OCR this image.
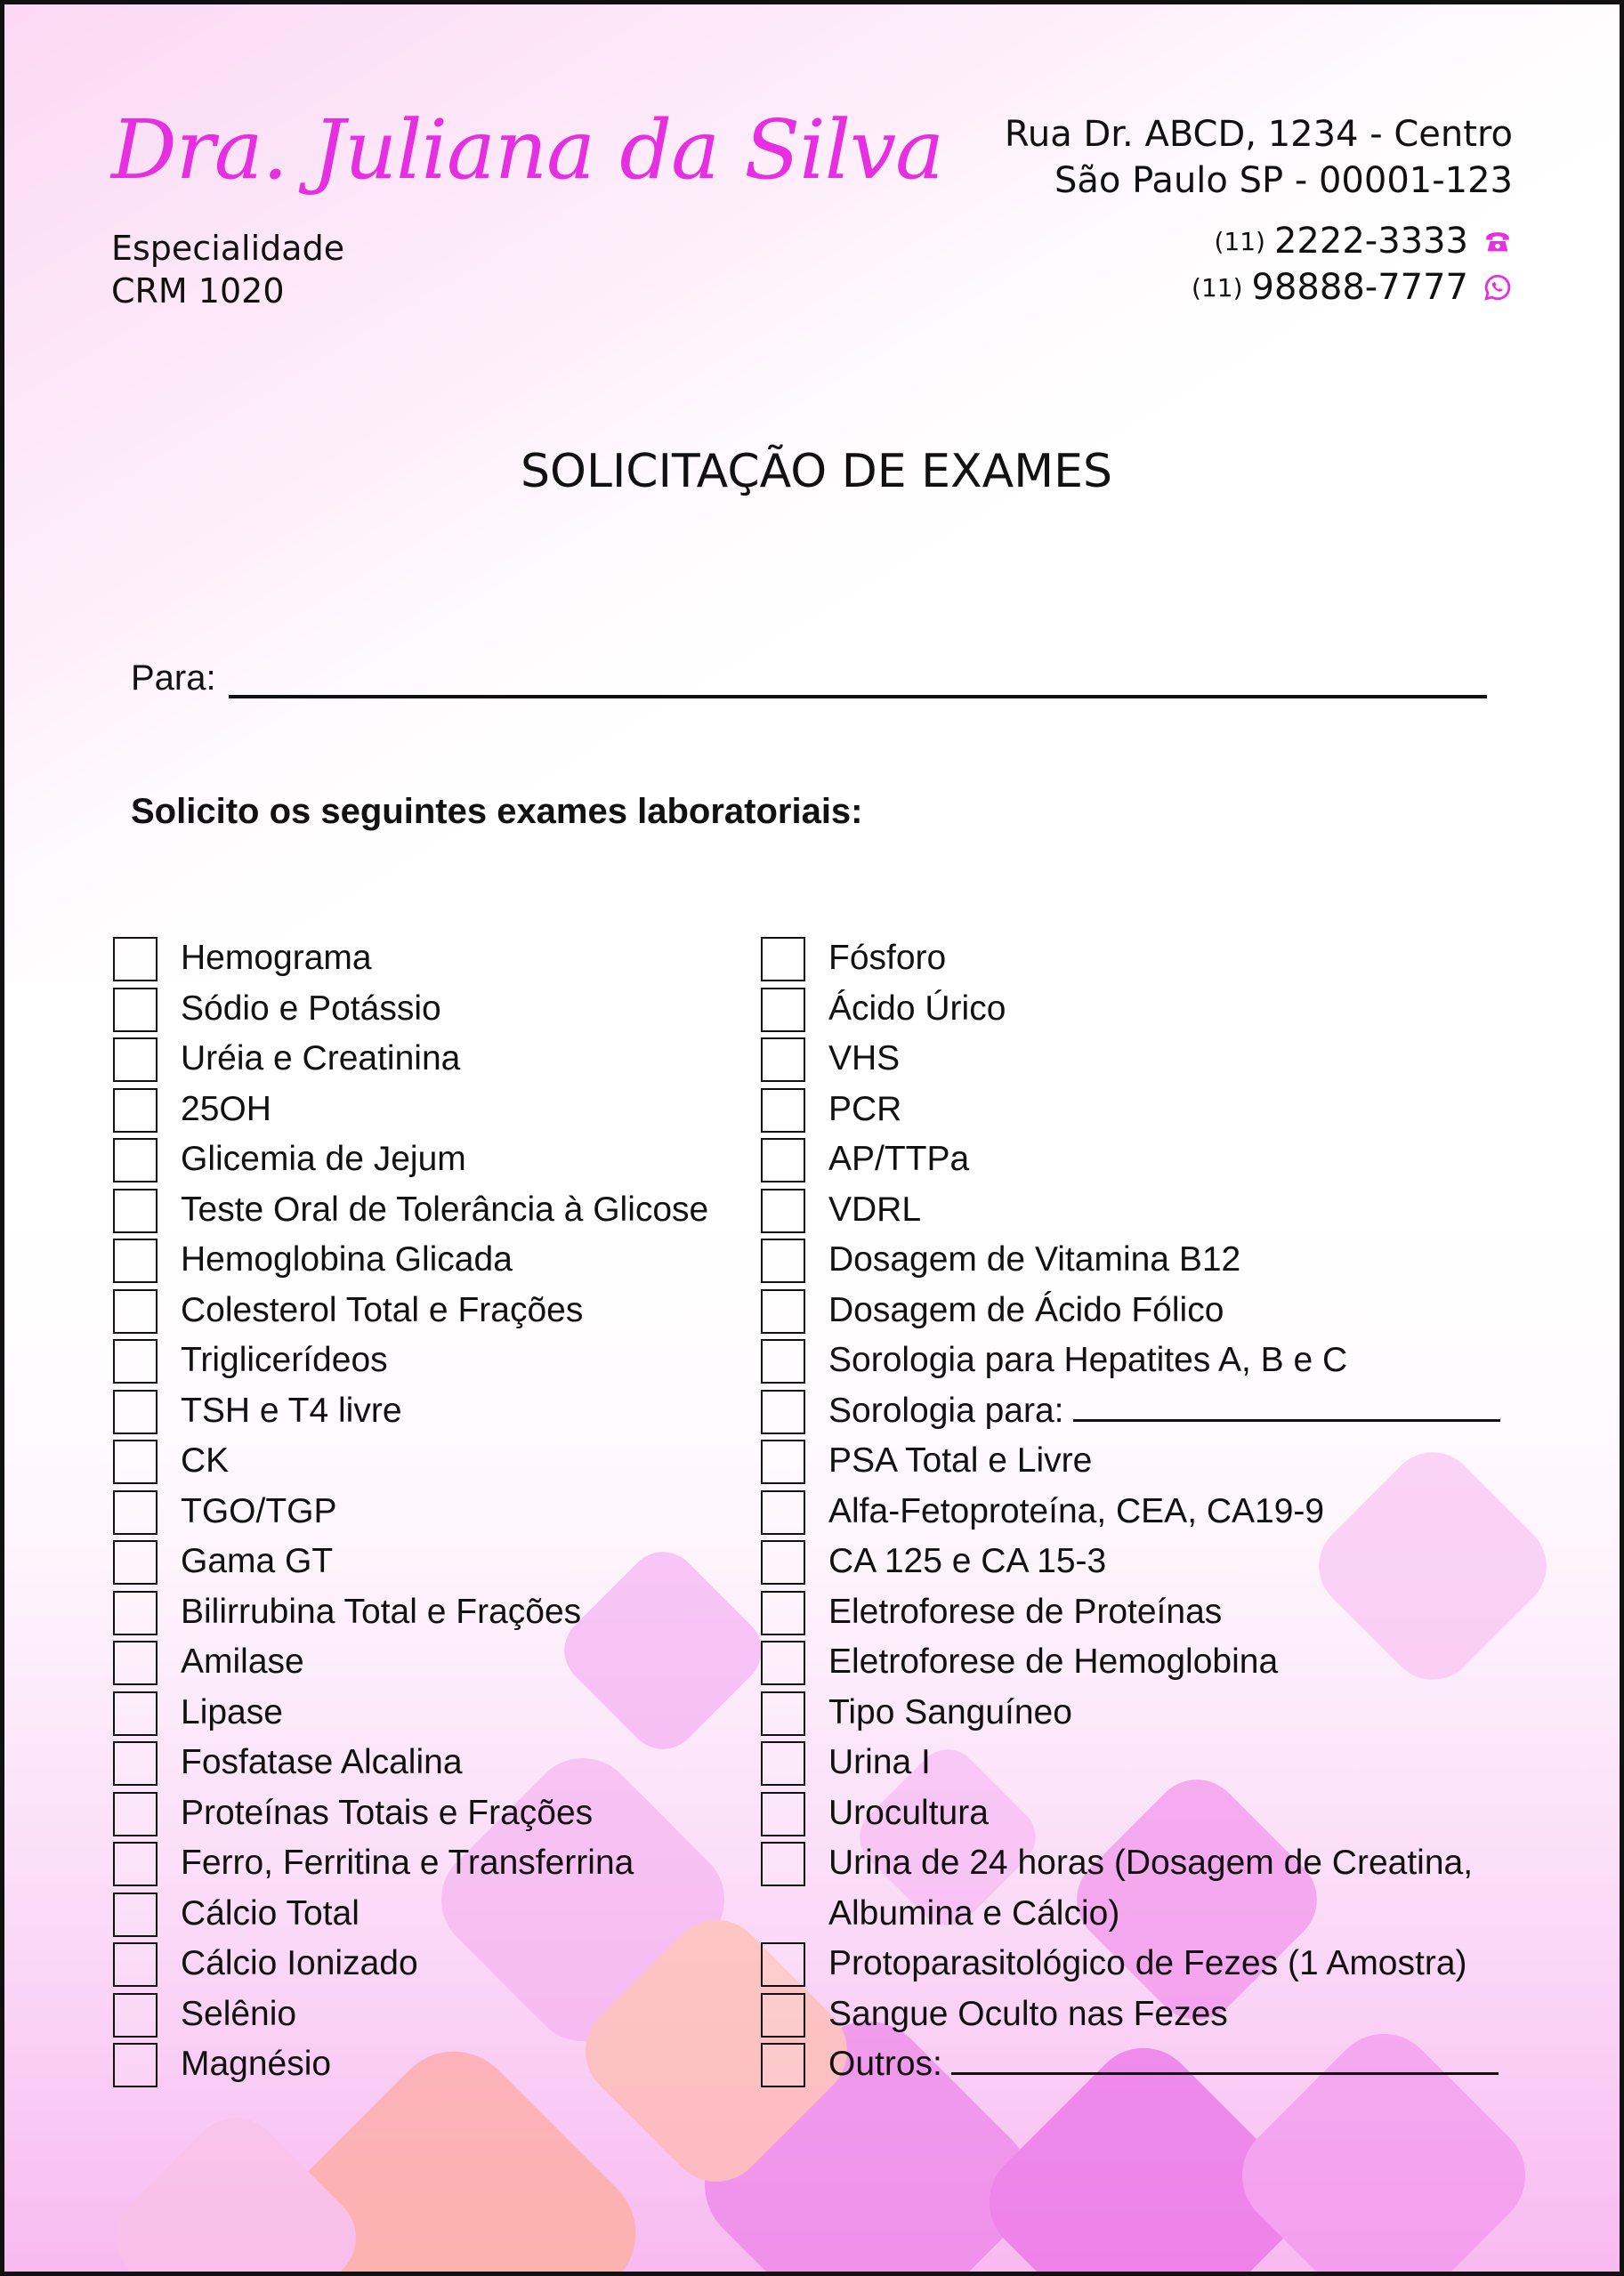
Dra. Juliana da Silva
Especialidade
CRM 1020
Rua Dr. ABCD, 1234 - Centro
São Paulo SP - 00001-123
(11) 2222-3333
(11) 98888-7777
SOLICITAÇÃO DE EXAMES
Para:
Solicito os seguintes exames laboratoriais:
Hemograma
Sódio e Potássio
Uréia e Creatinina
25OH
Glicemia de Jejum
Teste Oral de Tolerância à Glicose
Hemoglobina Glicada
Colesterol Total e Frações
Triglicerídeos
TSH e T4 livre
CK
TGO/TGP
Gama GT
Bilirrubina Total e Frações
Amilase
Lipase
Fosfatase Alcalina
Proteínas Totais e Frações
Ferro, Ferritina e Transferrina
Cálcio Total
Cálcio Ionizado
Selênio
Magnésio
Fósforo
Ácido Úrico
VHS
PCR
AP/TTPa
VDRL
Dosagem de Vitamina B12
Dosagem de Ácido Fólico
Sorologia para Hepatites A, B e C
Sorologia para:
PSA Total e Livre
Alfa-Fetoproteína, CEA, CA19-9
CA 125 e CA 15-3
Eletroforese de Proteínas
Eletroforese de Hemoglobina
Tipo Sanguíneo
Urina I
Urocultura
Urina de 24 horas (Dosagem de Creatina, Albumina e Cálcio)
Protoparasitológico de Fezes (1 Amostra)
Sangue Oculto nas Fezes
Outros:
